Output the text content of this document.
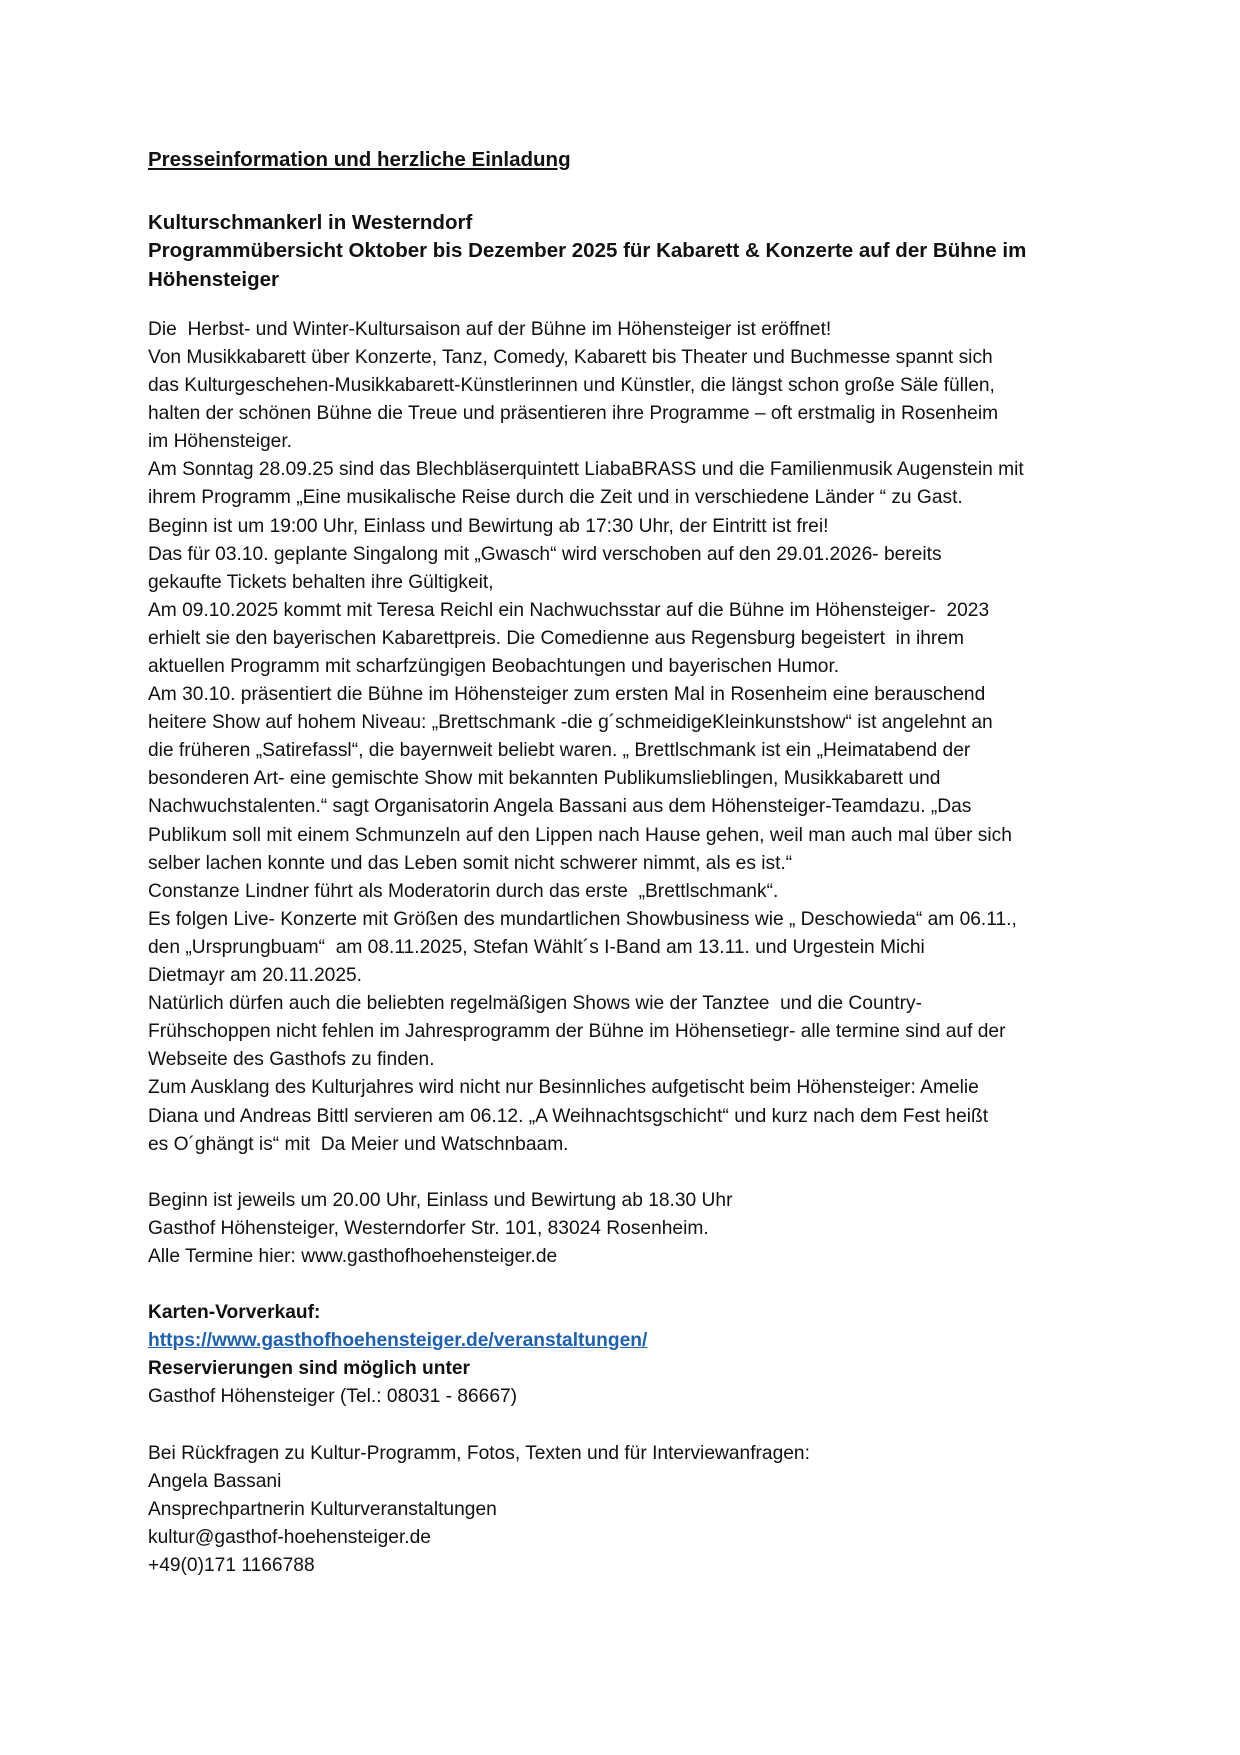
Presseinformation und herzliche Einladung
Kulturschmankerl in Westerndorf
Programmübersicht Oktober bis Dezember 2025 für Kabarett & Konzerte auf der Bühne im
Höhensteiger
Die  Herbst- und Winter-Kultursaison auf der Bühne im Höhensteiger ist eröffnet!
Von Musikkabarett über Konzerte, Tanz, Comedy, Kabarett bis Theater und Buchmesse spannt sich
das Kulturgeschehen-Musikkabarett-Künstlerinnen und Künstler, die längst schon große Säle füllen,
halten der schönen Bühne die Treue und präsentieren ihre Programme – oft erstmalig in Rosenheim
im Höhensteiger.
Am Sonntag 28.09.25 sind das Blechbläserquintett LiabaBRASS und die Familienmusik Augenstein mit
ihrem Programm „Eine musikalische Reise durch die Zeit und in verschiedene Länder “ zu Gast.
Beginn ist um 19:00 Uhr, Einlass und Bewirtung ab 17:30 Uhr, der Eintritt ist frei!
Das für 03.10. geplante Singalong mit „Gwasch“ wird verschoben auf den 29.01.2026- bereits
gekaufte Tickets behalten ihre Gültigkeit,
Am 09.10.2025 kommt mit Teresa Reichl ein Nachwuchsstar auf die Bühne im Höhensteiger-  2023
erhielt sie den bayerischen Kabarettpreis. Die Comedienne aus Regensburg begeistert  in ihrem
aktuellen Programm mit scharfzüngigen Beobachtungen und bayerischen Humor.
Am 30.10. präsentiert die Bühne im Höhensteiger zum ersten Mal in Rosenheim eine berauschend
heitere Show auf hohem Niveau: „Brettschmank -die g´schmeidigeKleinkunstshow“ ist angelehnt an
die früheren „Satirefassl“, die bayernweit beliebt waren. „ Brettlschmank ist ein „Heimatabend der
besonderen Art- eine gemischte Show mit bekannten Publikumslieblingen, Musikkabarett und
Nachwuchstalenten.“ sagt Organisatorin Angela Bassani aus dem Höhensteiger-Teamdazu. „Das
Publikum soll mit einem Schmunzeln auf den Lippen nach Hause gehen, weil man auch mal über sich
selber lachen konnte und das Leben somit nicht schwerer nimmt, als es ist.“
Constanze Lindner führt als Moderatorin durch das erste  „Brettlschmank“.
Es folgen Live- Konzerte mit Größen des mundartlichen Showbusiness wie „ Deschowieda“ am 06.11.,
den „Ursprungbuam“  am 08.11.2025, Stefan Wählt´s I-Band am 13.11. und Urgestein Michi
Dietmayr am 20.11.2025.
Natürlich dürfen auch die beliebten regelmäßigen Shows wie der Tanztee  und die Country-
Frühschoppen nicht fehlen im Jahresprogramm der Bühne im Höhensetiegr- alle termine sind auf der
Webseite des Gasthofs zu finden.
Zum Ausklang des Kulturjahres wird nicht nur Besinnliches aufgetischt beim Höhensteiger: Amelie
Diana und Andreas Bittl servieren am 06.12. „A Weihnachtsgschicht“ und kurz nach dem Fest heißt
es O´ghängt is“ mit  Da Meier und Watschnbaam.
Beginn ist jeweils um 20.00 Uhr, Einlass und Bewirtung ab 18.30 Uhr
Gasthof Höhensteiger, Westerndorfer Str. 101, 83024 Rosenheim.
Alle Termine hier: www.gasthofhoehensteiger.de
Karten-Vorverkauf:
https://www.gasthofhoehensteiger.de/veranstaltungen/
Reservierungen sind möglich unter
Gasthof Höhensteiger (Tel.: 08031 - 86667)
Bei Rückfragen zu Kultur-Programm, Fotos, Texten und für Interviewanfragen:
Angela Bassani
Ansprechpartnerin Kulturveranstaltungen
kultur@gasthof-hoehensteiger.de
+49(0)171 1166788
